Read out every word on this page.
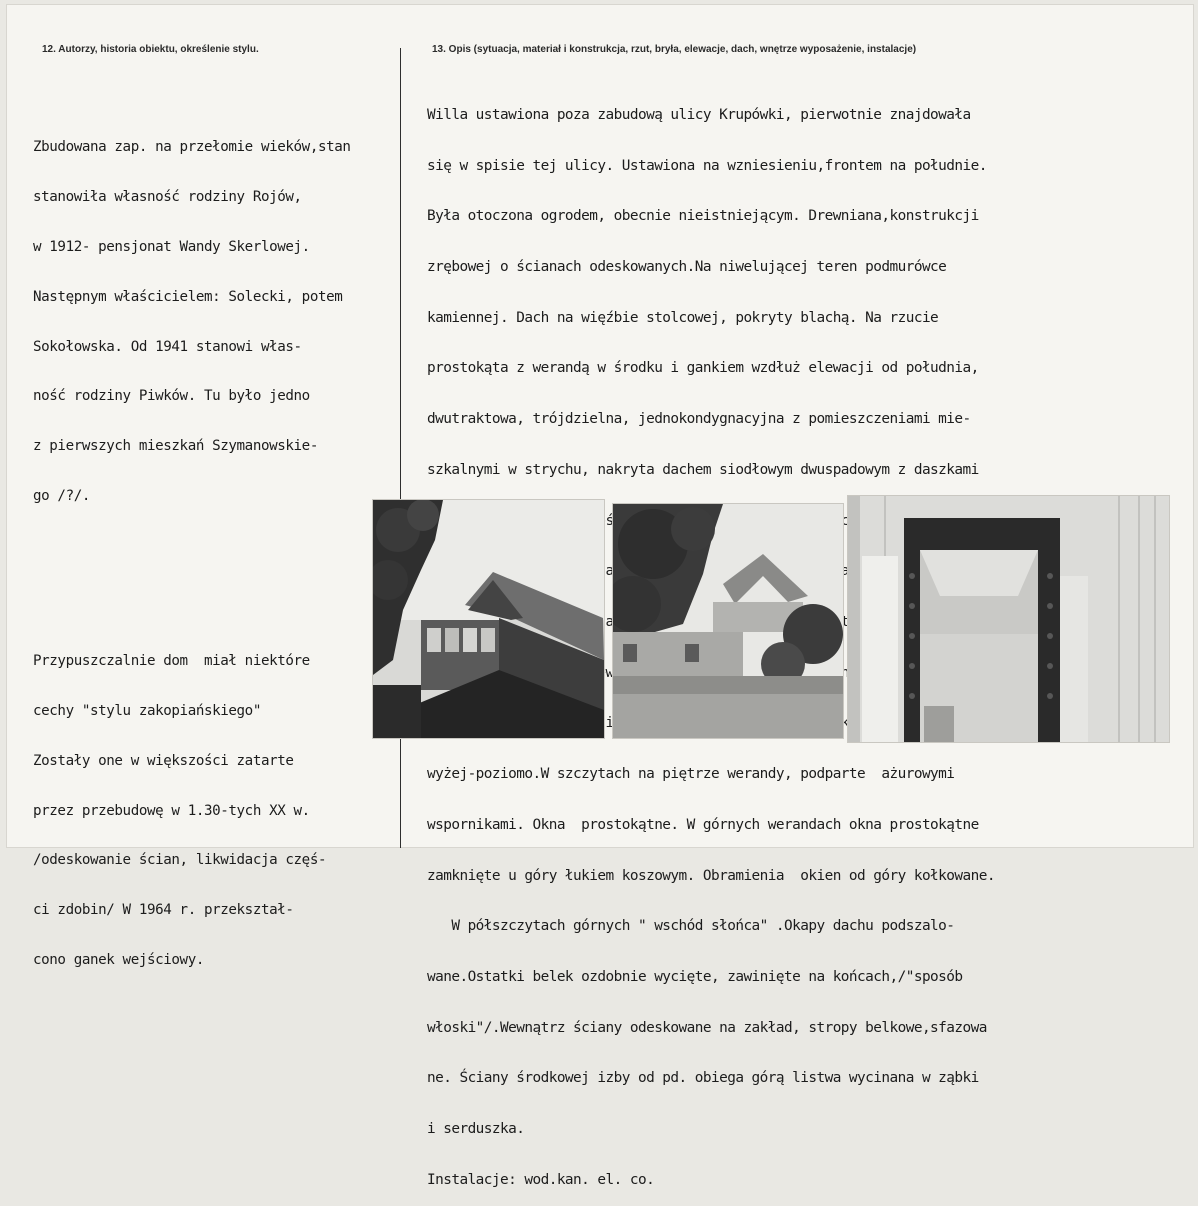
12. Autorzy, historia obiektu, określenie stylu.	13. Opis (sytuacja, materiał i konstrukcja, rzut, bryła, elewacje, dach, wnętrze wyposażenie, instalacje)

Zbudowana zap. na przełomie wieków,stan

stanowiła własność rodziny Rojów,

w 1912- pensjonat Wandy Skerlowej.

Następnym właścicielem: Solecki, potem

Sokołowska. Od 1941 stanowi włas-

ność rodziny Piwków. Tu było jedno

z pierwszych mieszkań Szymanowskie-

go /?/.

Przypuszczalnie dom  miał niektóre

cechy "stylu zakopiańskiego"

Zostały one w większości zatarte

przez przebudowę w 1.30-tych XX w.

/odeskowanie ścian, likwidacja częś-

ci zdobin/ W 1964 r. przekształ-

cono ganek wejściowy.

Willa ustawiona poza zabudową ulicy Krupówki, pierwotnie znajdowała

się w spisie tej ulicy. Ustawiona na wzniesieniu,frontem na południe.

Była otoczona ogrodem, obecnie nieistniejącym. Drewniana,konstrukcji

zrębowej o ścianach odeskowanych.Na niwelującej teren podmurówce

kamiennej. Dach na więźbie stolcowej, pokryty blachą. Na rzucie

prostokąta z werandą w środku i gankiem wzdłuż elewacji od południa,

dwutraktowa, trójdzielna, jednokondygnacyjna z pomieszczeniami mie-

szkalnymi w strychu, nakryta dachem siodłowym dwuspadowym z daszkami

połaci

ganek

wyżej-poziomo.W szczytach na piętrze werandy, podparte  ażurowymi

wspornikami. Okna  prostokątne. W górnych werandach okna prostokątne

zamknięte u góry łukiem koszowym. Obramienia  okien od góry kołkowane.

W półszczytach górnych " wschód słońca" .Okapy dachu podszalo-

wane.Ostatki belek ozdobnie wycięte, zawinięte na końcach,/"sposób

włoski"/.Wewnątrz ściany odeskowane na zakład, stropy belkowe,sfazowa

ne. Ściany środkowej izby od pd. obiega górą listwa wycinana w ząbki

i serduszka.

Instalacje: wod.kan. el. co.
